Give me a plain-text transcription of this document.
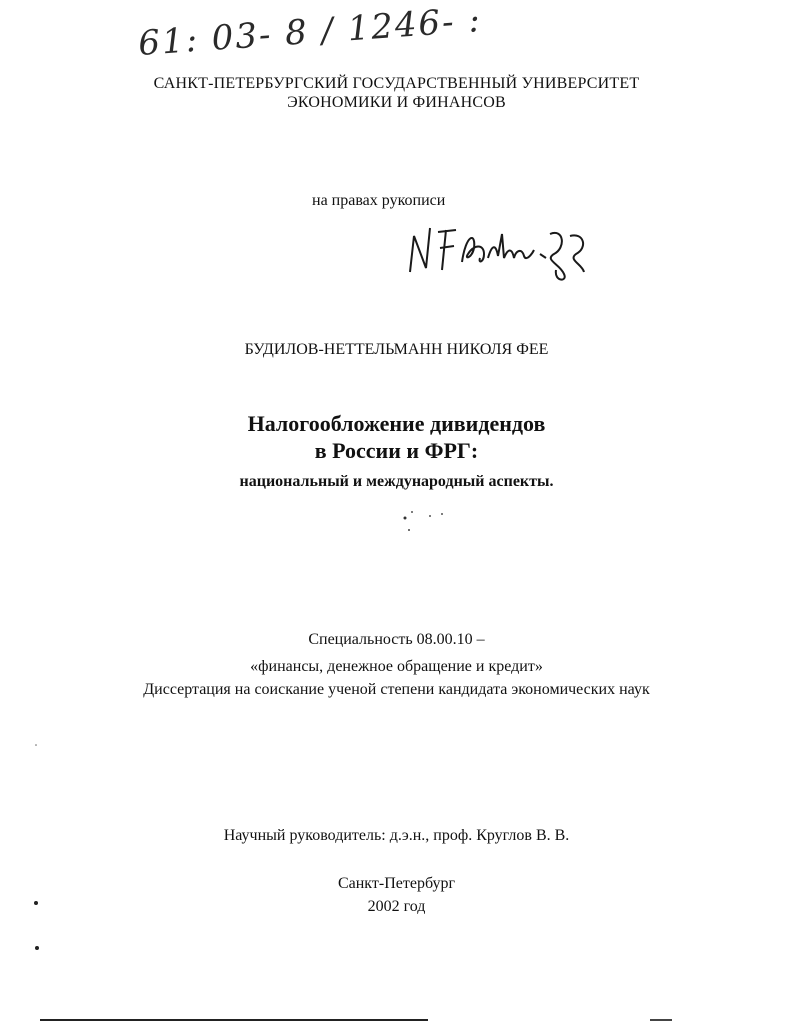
61: 03- 8 / 1246- :
САНКТ-ПЕТЕРБУРГСКИЙ ГОСУДАРСТВЕННЫЙ УНИВЕРСИТЕТ
ЭКОНОМИКИ И ФИНАНСОВ
на правах рукописи
БУДИЛОВ-НЕТТЕЛЬМАНН НИКОЛЯ ФЕЕ
Налогообложение дивидендов
в России и ФРГ:
национальный и международный аспекты.
Специальность 08.00.10 –
«финансы, денежное обращение и кредит»
Диссертация на соискание ученой степени кандидата экономических наук
Научный руководитель: д.э.н., проф. Круглов В. В.
Санкт-Петербург
2002 год
